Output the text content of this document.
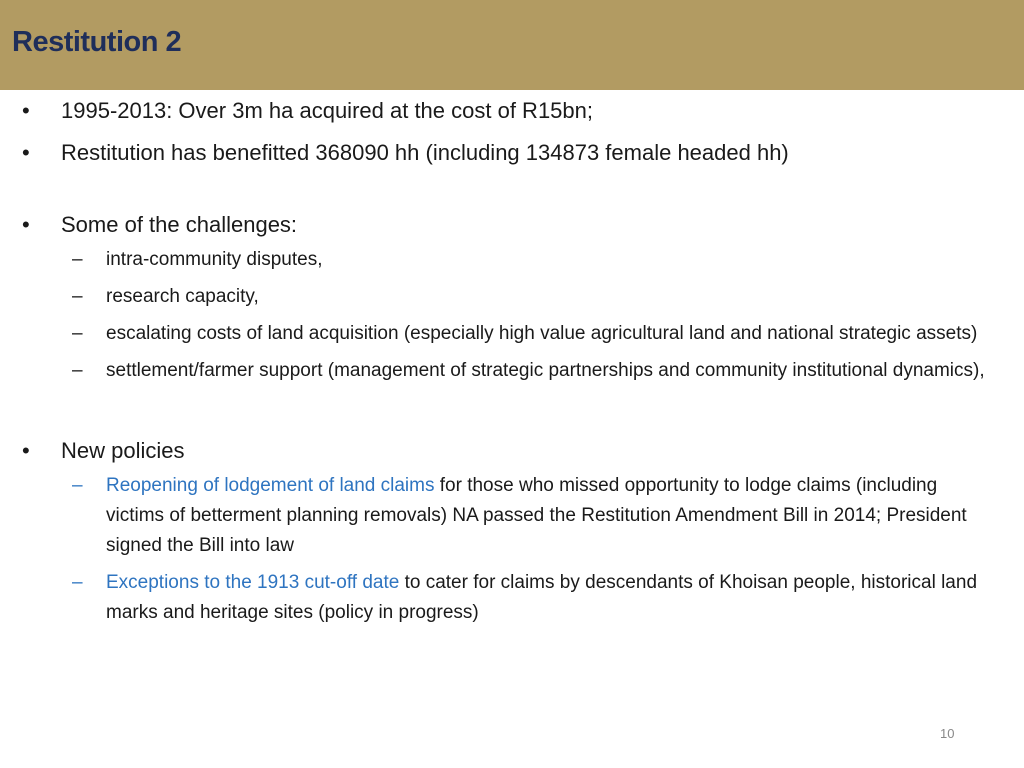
Restitution 2
• 1995-2013: Over 3m ha acquired at the cost of R15bn;
• Restitution has benefitted 368090 hh (including 134873 female headed hh)
• Some of the challenges:
– intra-community disputes,
– research capacity,
– escalating costs of land acquisition (especially high value agricultural land and national strategic assets)
– settlement/farmer support (management of strategic partnerships and community institutional dynamics),
• New policies
– Reopening of lodgement of land claims for those who missed opportunity to lodge claims (including victims of betterment planning removals) NA passed the Restitution Amendment Bill in 2014; President signed the Bill into law
– Exceptions to the 1913 cut-off date to cater for claims by descendants of Khoisan people, historical land marks and heritage sites (policy in progress)
10
